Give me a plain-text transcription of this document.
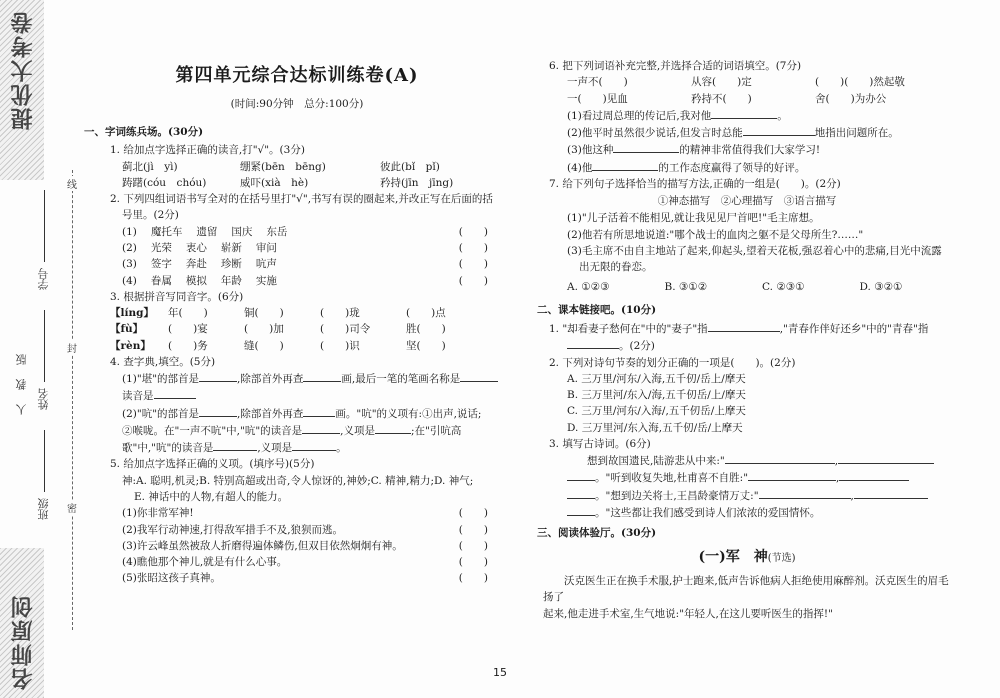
提优大考卷
名师原创
人教版
班级
姓名
学号
线
封
密
第四单元综合达标训练卷(A)
(时间:90分钟　总分:100分)
一、字词练兵场。(30分)
1. 给加点字选择正确的读音,打"√"。(3分)
蓟北(jì　yì)	绷紧(bēn　bēng)	彼此(bǐ　pǐ)
踌躇(cóu　chóu)	威吓(xià　hè)	矜持(jīn　jīng)
2. 下列四组词语书写全对的在括号里打"√",书写有误的圈起来,并改正写在后面的括
号里。(2分)
(1) 魔托车 遗留 国庆 东岳	(　　)
(2) 光荣 衷心 崭新 审问	(　　)
(3) 签字 奔赴 珍断 吭声	(　　)
(4) 眷属 模拟 年龄 实施	(　　)
3. 根据拼音写同音字。(6分)
【líng】 年(　　)	铜(　　)	(　　)珑	(　　)点
【fù】	(　　)宴	(　　)加	(　　)司令	胜(　　)
【rèn】 (　　)务	缝(　　)	(　　)识	坚(　　)
4. 查字典,填空。(5分)
(1)"堪"的部首是	,除部首外再查	画,最后一笔的笔画名称是
读音是
(2)"吭"的部首是	,除部首外再查	画。"吭"的义项有:①出声,说话;
②喉咙。在"一声不吭"中,"吭"的读音是	,义项是	;在"引吭高
歌"中,"吭"的读音是	,义项是	。
5. 给加点字选择正确的义项。(填序号)(5分)
神:A. 聪明,机灵;B. 特别高超或出奇,令人惊讶的,神妙;C. 精神,精力;D. 神气;
E. 神话中的人物,有超人的能力。
(1)你非常军神!	(　　)
(2)我军行动神速,打得敌军措手不及,狼狈而逃。	(　　)
(3)许云峰虽然被敌人折磨得遍体鳞伤,但双目依然炯炯有神。	(　　)
(4)瞧他那个神儿,就是有什么心事。	(　　)
(5)张昭这孩子真神。	(　　)
6. 把下列词语补充完整,并选择合适的词语填空。(7分)
一声不(　　)	从容(　　)定	(　　)(　　)然起敬
一(　　)见血	矜持不(　　)	舍(　　)为办公
(1)看过周总理的传记后,我对他	。
(2)他平时虽然很少说话,但发言时总能	地指出问题所在。
(3)他这种	的精神非常值得我们大家学习!
(4)他	的工作态度赢得了领导的好评。
7. 给下列句子选择恰当的描写方法,正确的一组是(　　)。(2分)
①神态描写　②心理描写　③语言描写
(1)"儿子活着不能相见,就让我见见尸首吧!"毛主席想。
(2)他若有所思地说道:"哪个战士的血肉之躯不是父母所生?……"
(3)毛主席不由自主地站了起来,仰起头,望着天花板,强忍着心中的悲痛,目光中流露
出无限的眷恋。
A. ①②③	B. ③①②	C. ②③①	D. ③②①
二、课本链接吧。(10分)
1. "却看妻子愁何在"中的"妻子"指	,"青春作伴好还乡"中的"青春"指
。(2分)
2. 下列对诗句节奏的划分正确的一项是(　　)。(2分)
A. 三万里/河东/入海,五千仞/岳上/摩天
B. 三万里河/东入/海,五千仞岳/上/摩天
C. 三万里/河东/入海/,五千仞岳/上摩天
D. 三万里河/东入海,五千仞/岳/上摩天
3. 填写古诗词。(6分)
想到故国遗民,陆游悲从中来:"	,
。"听到收复失地,杜甫喜不自胜:"	,
。"想到边关将士,王昌龄豪情万丈:"	,
。"这些都让我们感受到诗人们浓浓的爱国情怀。
三、阅读体验厅。(30分)
(一)军　神(节选)
沃克医生正在换手术服,护士跑来,低声告诉他病人拒绝使用麻醉剂。沃克医生的眉毛扬了
起来,他走进手术室,生气地说:"年轻人,在这儿要听医生的指挥!"
15
